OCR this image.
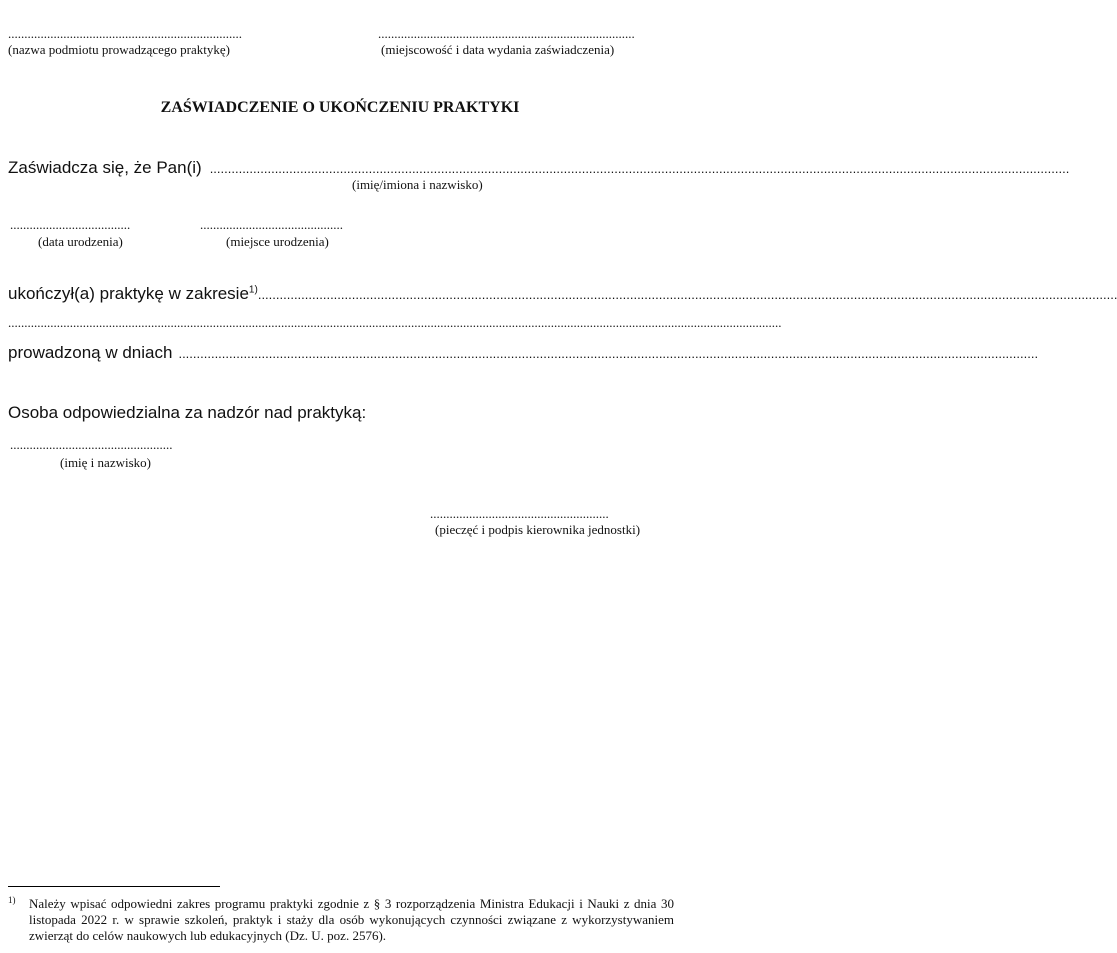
........................................................................
(nazwa podmiotu prowadzącego praktykę)
...............................................................................
(miejscowość i data wydania zaświadczenia)
ZAŚWIADCZENIE O UKOŃCZENIU PRAKTYKI
Zaświadcza się, że Pan(i) ..............................................................................................................................................................................................................................................
(imię/imiona i nazwisko)
.....................................
(data urodzenia)
............................................
(miejsce urodzenia)
ukończył(a) praktykę w zakresie$^{1)}$ ..............................................................................................................................................................................................................................................
..............................................................................................................................................................................................................................................
prowadzoną w dniach ..............................................................................................................................................................................................................................................
Osoba odpowiedzialna za nadzór nad praktyką:
..................................................
(imię i nazwisko)
.......................................................
(pieczęć i podpis kierownika jednostki)
1) Należy wpisać odpowiedni zakres programu praktyki zgodnie z § 3 rozporządzenia Ministra Edukacji i Nauki z dnia 30 listopada 2022 r. w sprawie szkoleń, praktyk i staży dla osób wykonujących czynności związane z wykorzystywaniem zwierząt do celów naukowych lub edukacyjnych (Dz. U. poz. 2576).
